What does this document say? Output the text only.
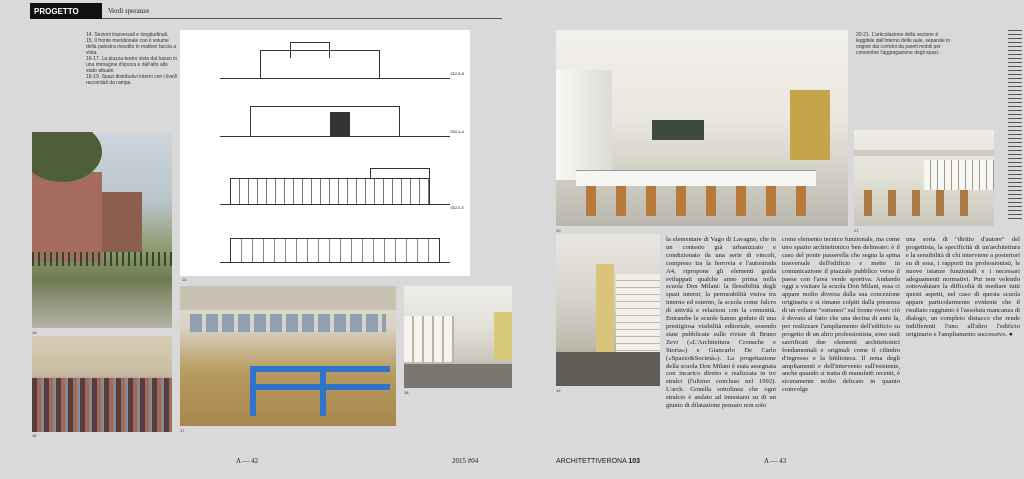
PROGETTO	Verdi speranze
14. Sezioni trasversali e longitudinali.
15. Il fronte meridionale con il volume della palestra rivestito in mattoni faccia a vista.
16-17. La piazza-teatro vista dal basso in una immagine d'epoca e dall'alto allo stato attuale.
18-19. Spazi distributivi interni con i livelli raccordati da rampa.
15
16
SEZ.B-B
SEZ.A-A
SEZ.E-E
14
17
18
A — 42	2015 #04
20
20-21. L'articolazione della sezione è leggibile dall'interno delle aule, separate in origine dai corridoi da pareti mobili per consentire l'aggregazione degli spazi.
21
19
una sorta di "diritto d'autore" del progettista, la specificità di un'architettura e la sensibilità di chi interviene a posteriori su di essa, i rapporti tra professionisti, le nuove istanze funzionali e i necessari adeguamenti normativi. Pur non volendo sottovalutare la difficoltà di mediare tutti questi aspetti, nel caso di questa scuola appare particolarmente evidente che il risultato raggiunto è l'assoluta mancanza di dialogo, un completo distacco che rende indifferenti l'uno all'altro l'edificio originario e l'ampliamento successivo. ●
ARCHITETTIVERONA 103	A — 43
la elementare di Vago di Lavagno, che in un contesto già urbanizzato e condizionato da una serie di vincoli, compreso tra la ferrovia e l'autostrada A4, ripropone gli elementi guida sviluppati qualche anno prima nella scuola Don Milani: la flessibilità degli spazi interni, la permeabilità visiva tra interno ed esterno, la scuola come fulcro di attività e relazioni con la comunità. Entrambe le scuole hanno goduto di una prestigiosa visibilità editoriale, essendo state pubblicate sulle riviste di Bruno Zevi («L'Architettura Cronache e Storia») e Giancarlo De Carlo («Spazio&Società»). La progettazione della scuola Don Milani è stata assegnata con incarico diretto e realizzata in tre stralci (l'ultimo concluso nel 1992). L'arch. Gonella sottolinea che ogni stralcio è andato ad innestarsi su di un giunto di dilatazione pensato non solo
come elemento tecnico funzionale, ma come uno spazio architettonico ben delineato: è il caso del ponte passerella che segna la spina trasversale dell'edificio e mette in comunicazione il piazzale pubblico verso il paese con l'area verde sportiva. Andando oggi a visitare la scuola Don Milani, essa ci appare molto diversa dalla sua concezione originaria e si rimane colpiti dalla presenza di un volume "estraneo" sul fronte ovest: ciò è dovuto al fatto che una decina di anni fa, per realizzare l'ampliamento dell'edificio su progetto di un altro professionista, sono stati sacrificati due elementi architettonici fondamentali e originali come il cilindro d'ingresso e la biblioteca. Il tema degli ampliamenti e dell'intervento sull'esistente, anche quando si tratta di manufatti recenti, è sicuramente molto delicato in quanto coinvolge
